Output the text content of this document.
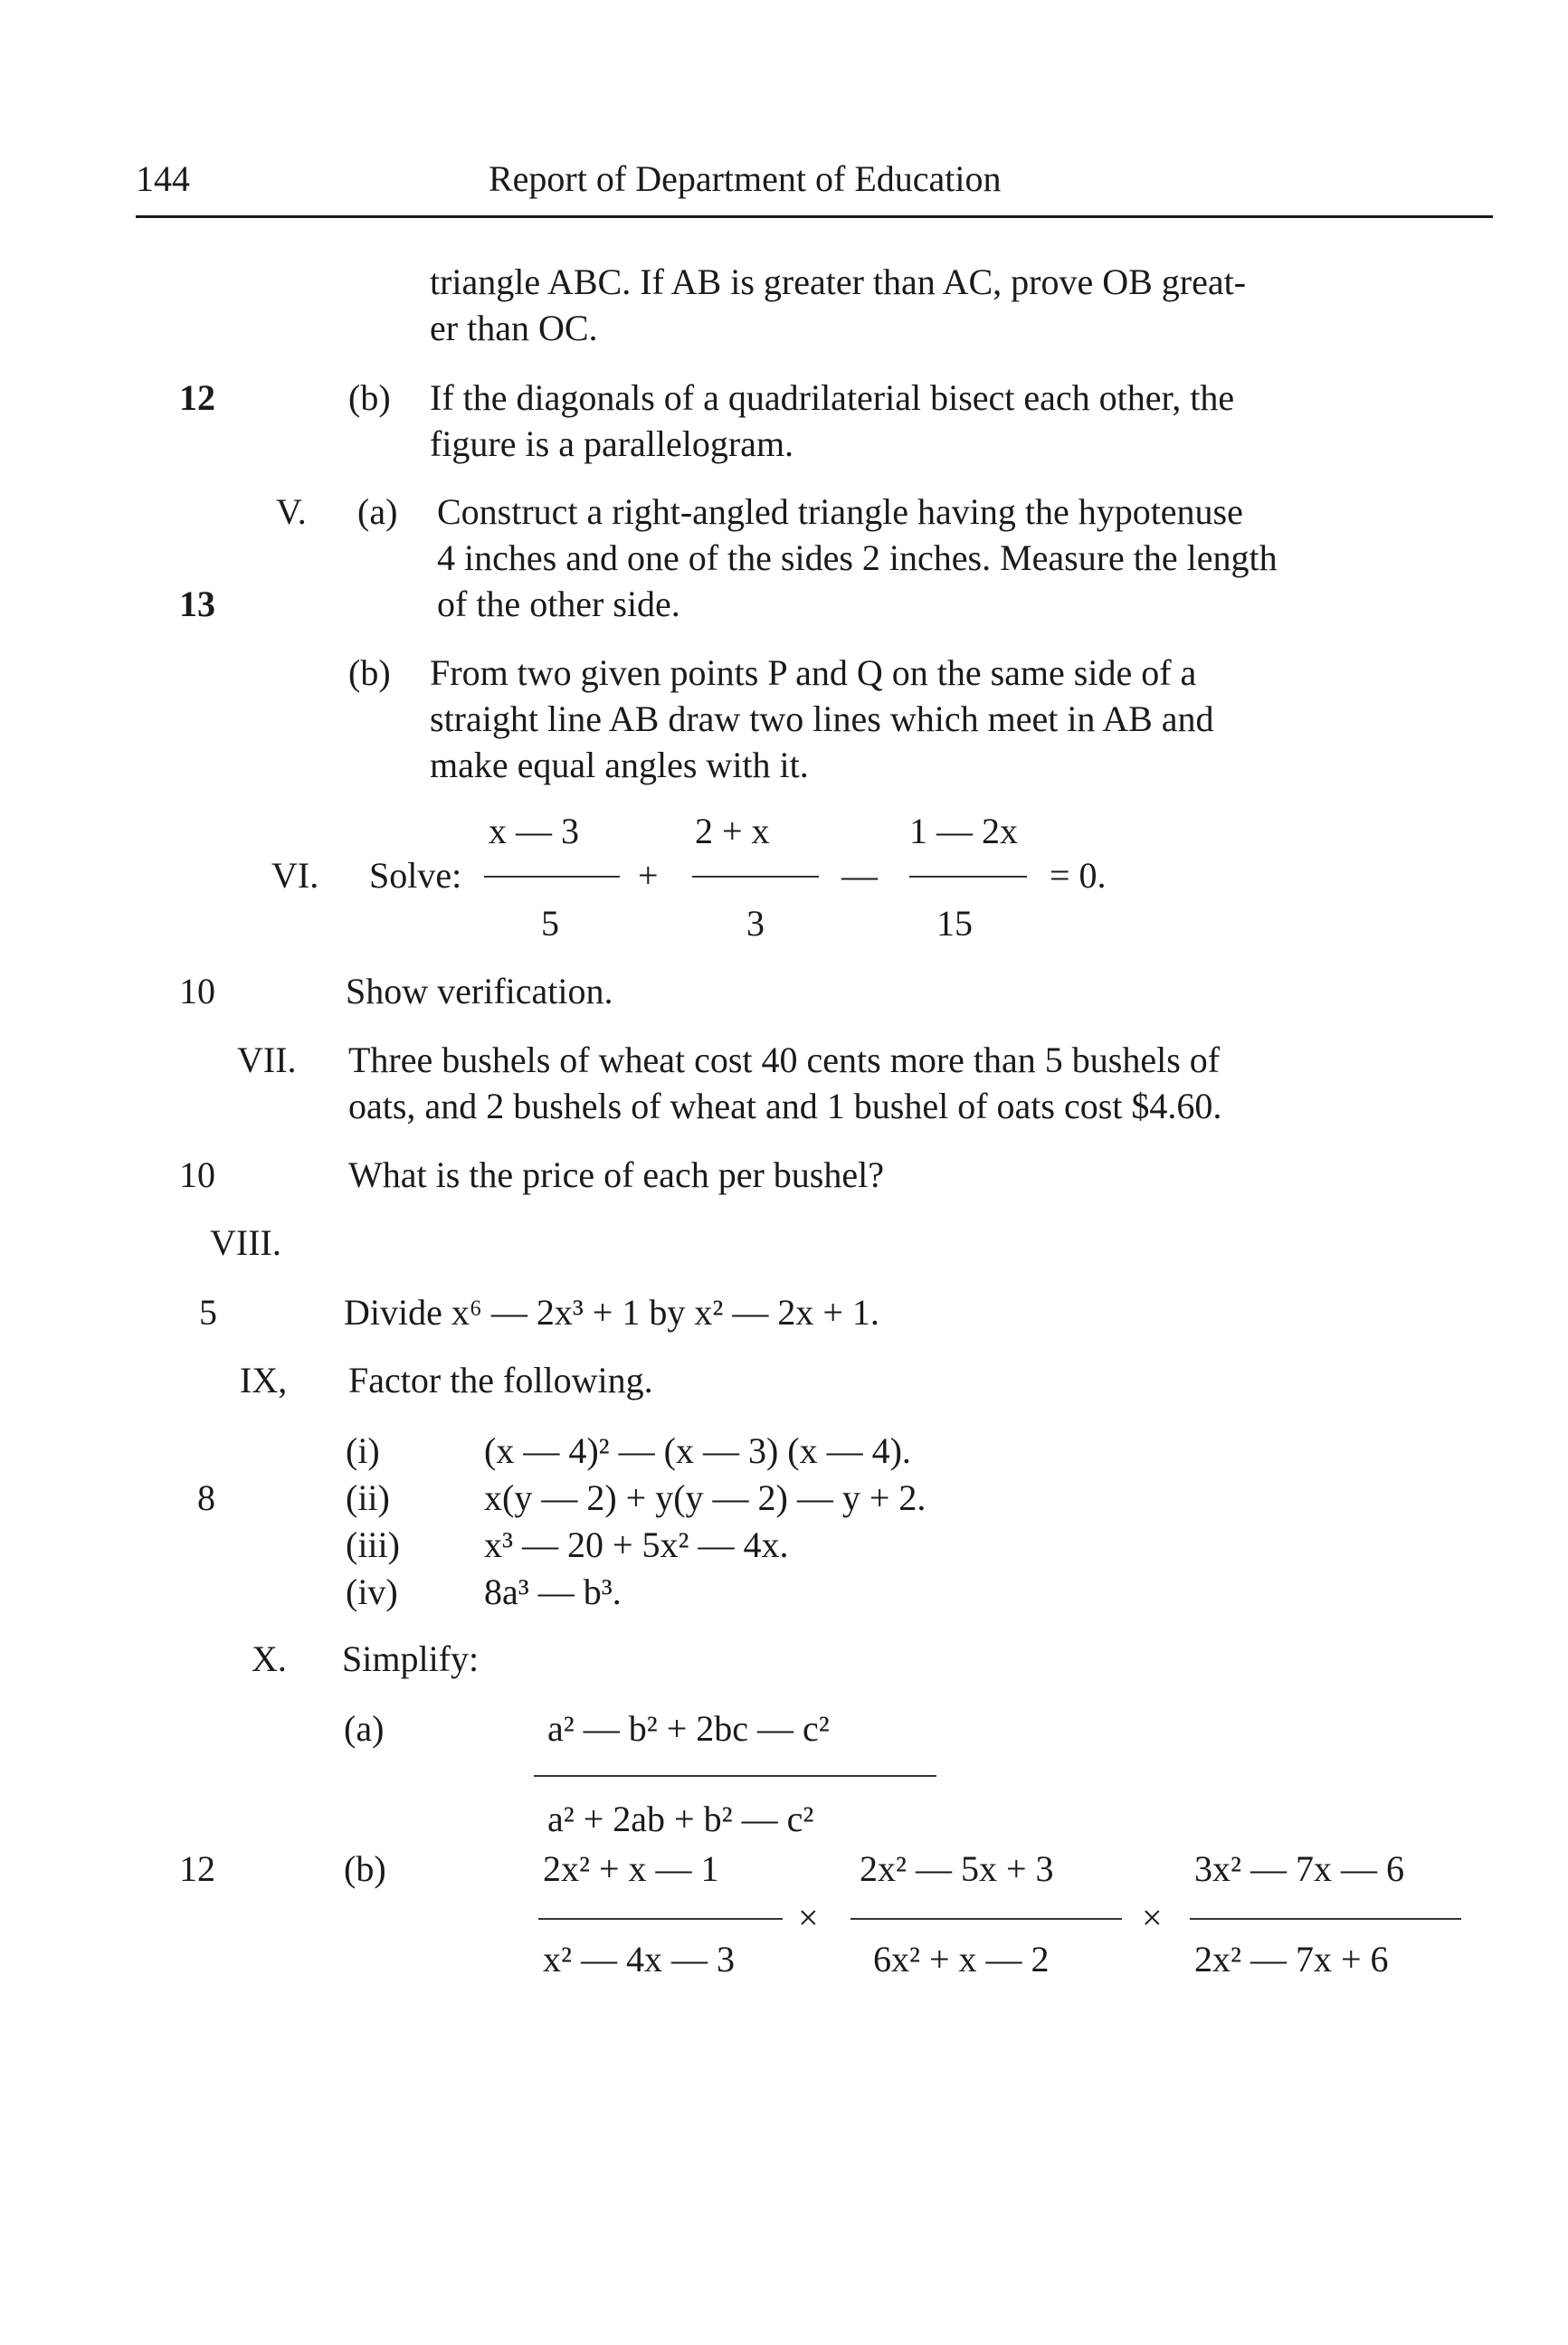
144	Report of Department of Education
triangle ABC. If AB is greater than AC, prove OB great-
er than OC.
12	(b) If the diagonals of a quadrilaterial bisect each other, the
figure is a parallelogram.
V. (a) Construct a right-angled triangle having the hypotenuse
4 inches and one of the sides 2 inches. Measure the length
13	of the other side.
(b) From two given points P and Q on the same side of a
straight line AB draw two lines which meet in AB and
make equal angles with it.
x — 3	2 + x	1 — 2x
VI. Solve:	+	—	= 0.
5	3	15
10	Show verification.
VII. Three bushels of wheat cost 40 cents more than 5 bushels of
oats, and 2 bushels of wheat and 1 bushel of oats cost $4.60.
10	What is the price of each per bushel?
VIII.
5	Divide x⁶ — 2x³ + 1 by x² — 2x + 1.
IX, Factor the following.
(i)	(x — 4)² — (x — 3) (x — 4).
8	(ii)	x(y — 2) + y(y — 2) — y + 2.
(iii) x³ — 20 + 5x² — 4x.
(iv) 8a³ — b³.
X. Simplify:
(a)	a² — b² + 2bc — c²
a² + 2ab + b² — c²
12	(b)	2x² + x — 1	2x² — 5x + 3	3x² — 7x — 6
×	×
x² — 4x — 3	6x² + x — 2	2x² — 7x + 6
